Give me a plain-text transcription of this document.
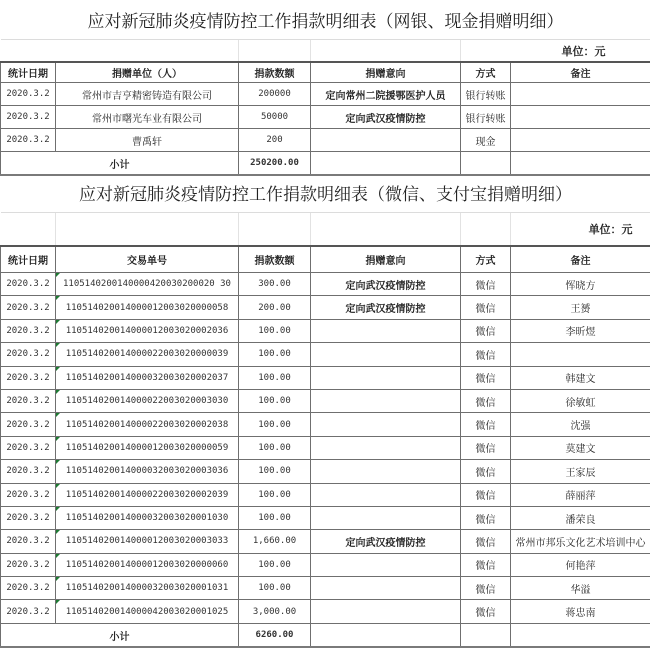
应对新冠肺炎疫情防控工作捐款明细表（网银、现金捐赠明细）					
				单位：元	
统计日期	捐赠单位（人）	捐款数额	捐赠意向	方式	备注
2020.3.2	常州市吉亨精密铸造有限公司	200000	定向常州二院援鄂医护人员	银行转账	
2020.3.2	常州市曙光车业有限公司	50000	定向武汉疫情防控	银行转账	
2020.3.2	曹禹轩	200		现金	
小计		250200.00			
应对新冠肺炎疫情防控工作捐款明细表（微信、支付宝捐赠明细）					
					单位：元
统计日期	交易单号	捐款数额	捐赠意向	方式	备注
2020.3.2	1105140200140000420030200020 30	300.00	定向武汉疫情防控	微信	恽晓方
2020.3.2	110514020014000012003020000058	200.00	定向武汉疫情防控	微信	王赟
2020.3.2	110514020014000012003020002036	100.00		微信	李昕煜
2020.3.2	110514020014000022003020000039	100.00		微信	
2020.3.2	110514020014000032003020002037	100.00		微信	韩建文
2020.3.2	110514020014000022003020003030	100.00		微信	徐敏虹
2020.3.2	110514020014000022003020002038	100.00		微信	沈强
2020.3.2	110514020014000012003020000059	100.00		微信	莫建文
2020.3.2	110514020014000032003020003036	100.00		微信	王家辰
2020.3.2	110514020014000022003020002039	100.00		微信	薛丽萍
2020.3.2	110514020014000032003020001030	100.00		微信	潘荣良
2020.3.2	110514020014000012003020003033	1,660.00	定向武汉疫情防控	微信	常州市邦乐文化艺术培训中心
2020.3.2	110514020014000012003020000060	100.00		微信	何艳萍
2020.3.2	110514020014000032003020001031	100.00		微信	华溢
2020.3.2	110514020014000042003020001025	3,000.00		微信	蒋忠南
小计		6260.00			
